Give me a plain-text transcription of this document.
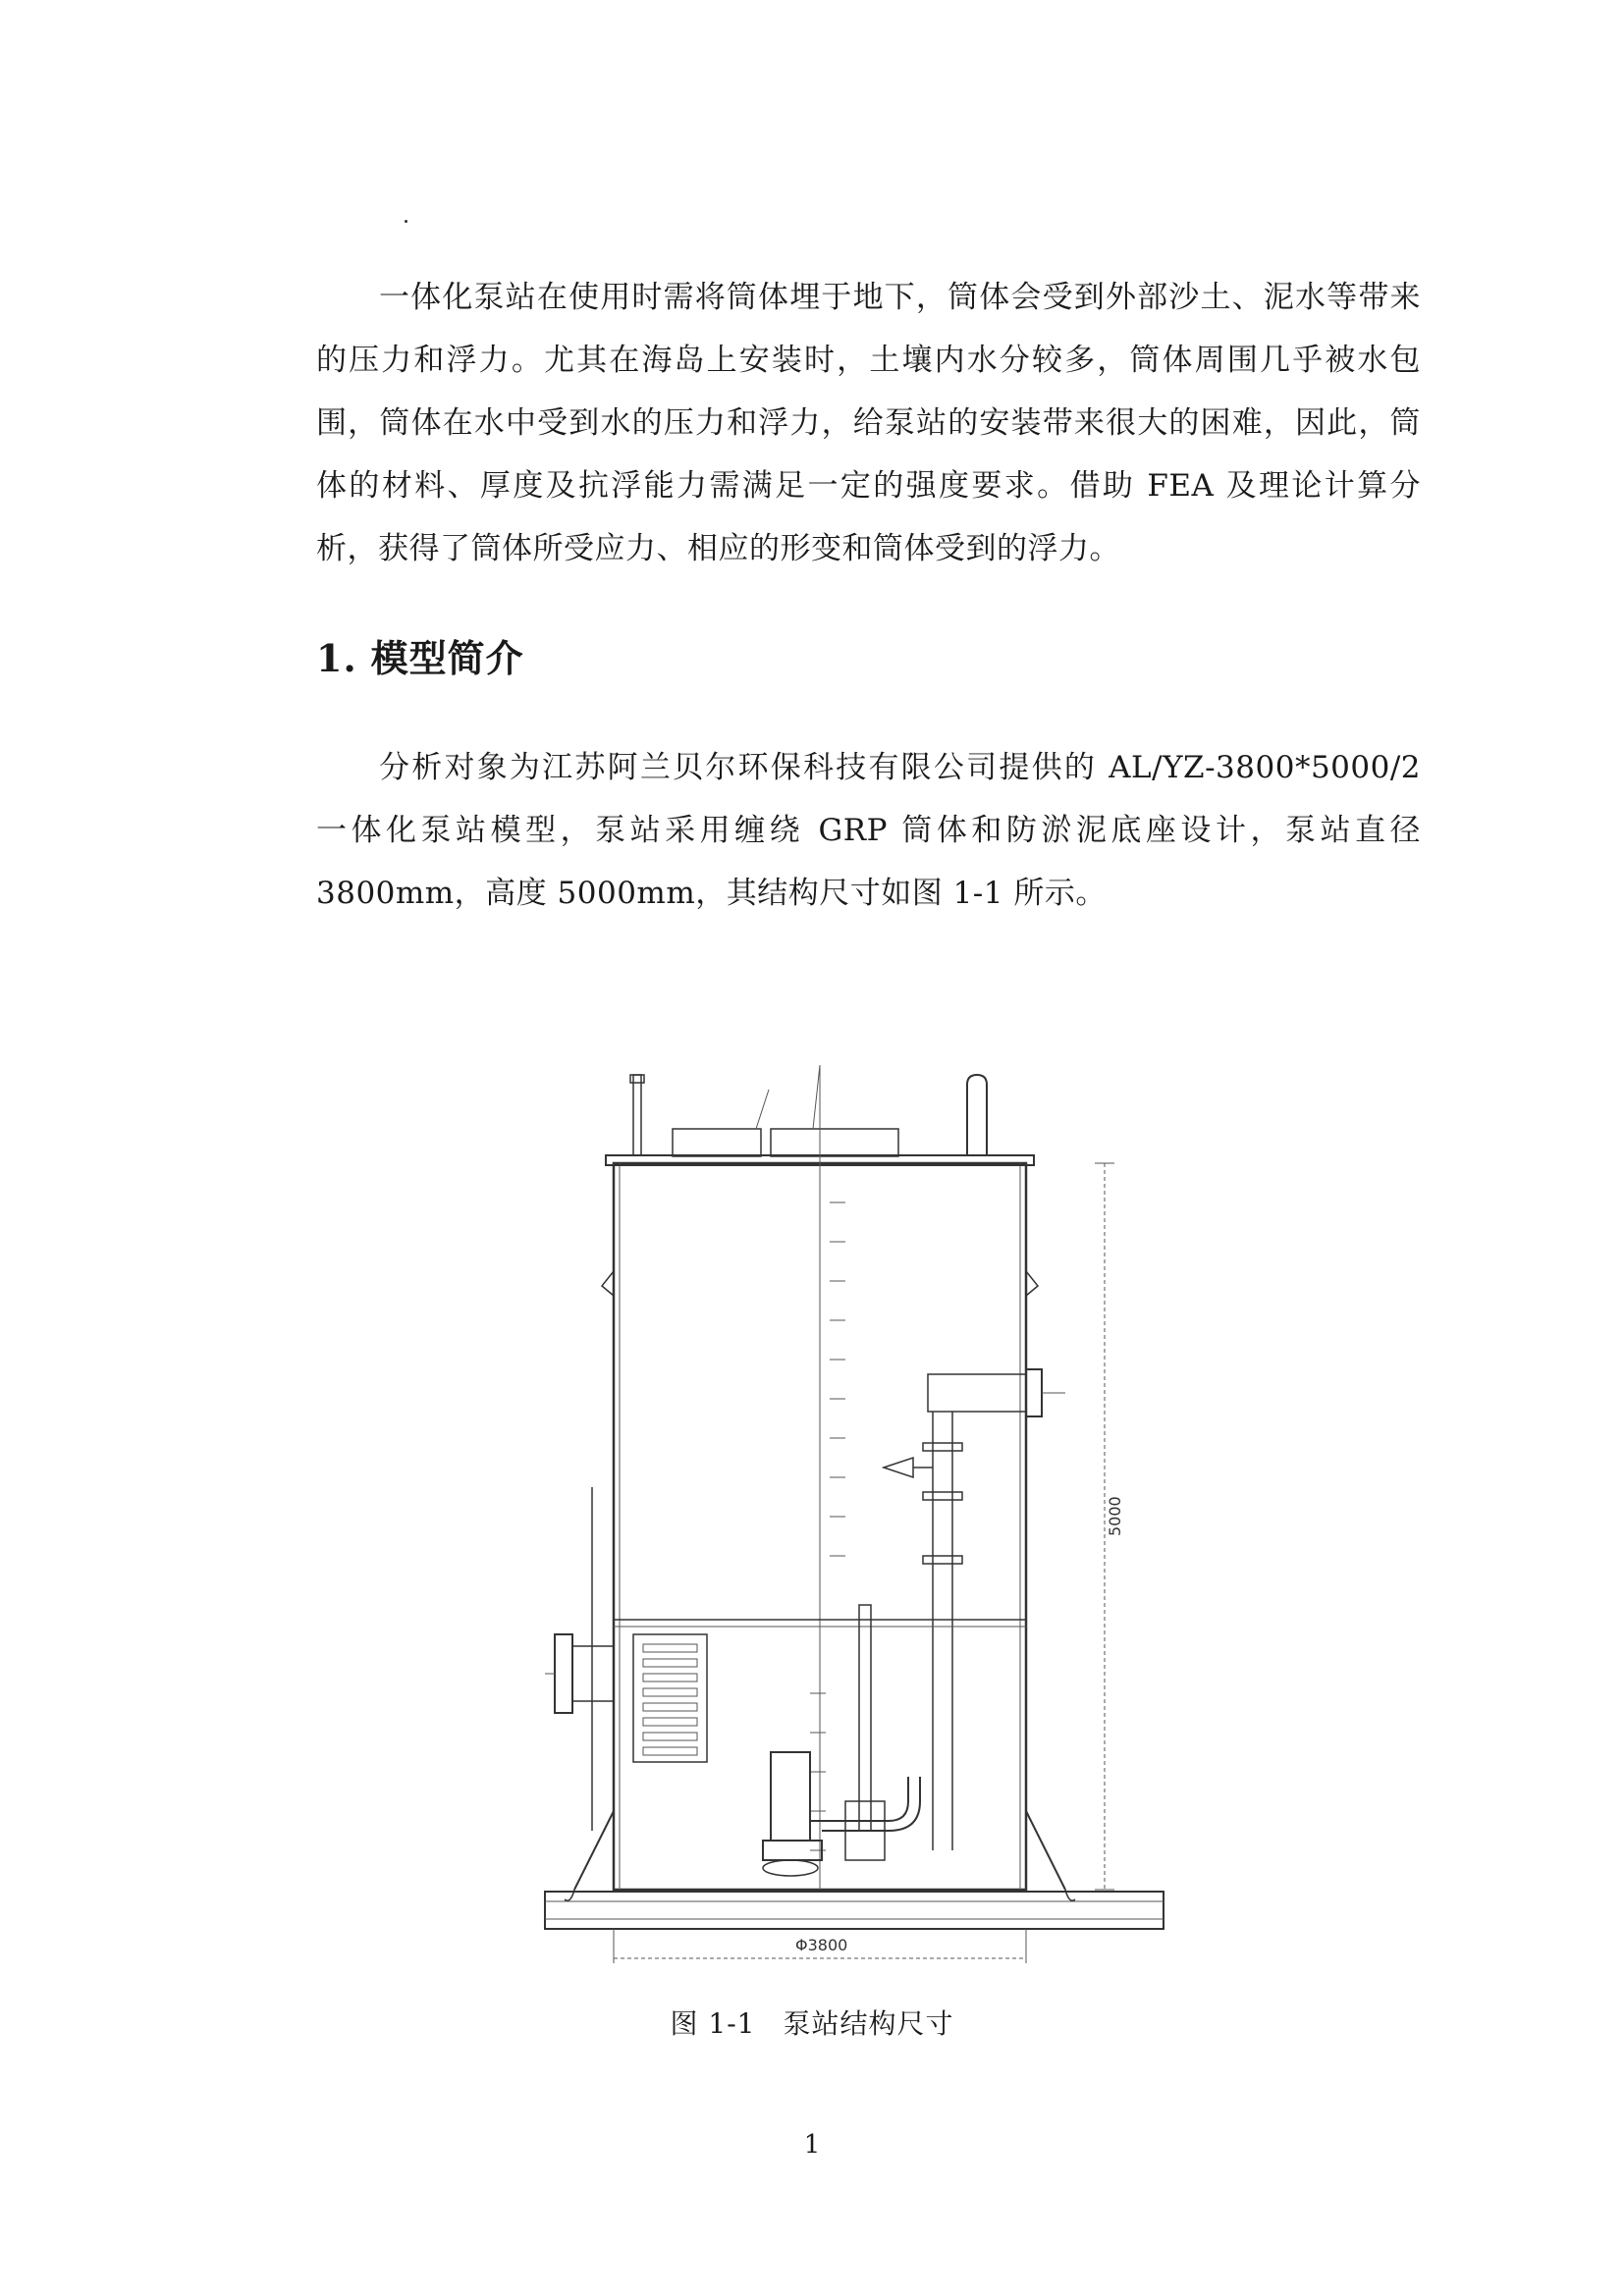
一体化泵站在使用时需将筒体埋于地下，筒体会受到外部沙土、泥水等带来的压力和浮力。尤其在海岛上安装时，土壤内水分较多，筒体周围几乎被水包围，筒体在水中受到水的压力和浮力，给泵站的安装带来很大的困难，因此，筒体的材料、厚度及抗浮能力需满足一定的强度要求。借助 FEA 及理论计算分析，获得了筒体所受应力、相应的形变和筒体受到的浮力。

1. 模型简介

分析对象为江苏阿兰贝尔环保科技有限公司提供的 AL/YZ-3800*5000/2 一体化泵站模型，泵站采用缠绕 GRP 筒体和防淤泥底座设计，泵站直径 3800mm，高度 5000mm，其结构尺寸如图 1-1 所示。

5000
Φ3800

图 1-1 泵站结构尺寸

1
